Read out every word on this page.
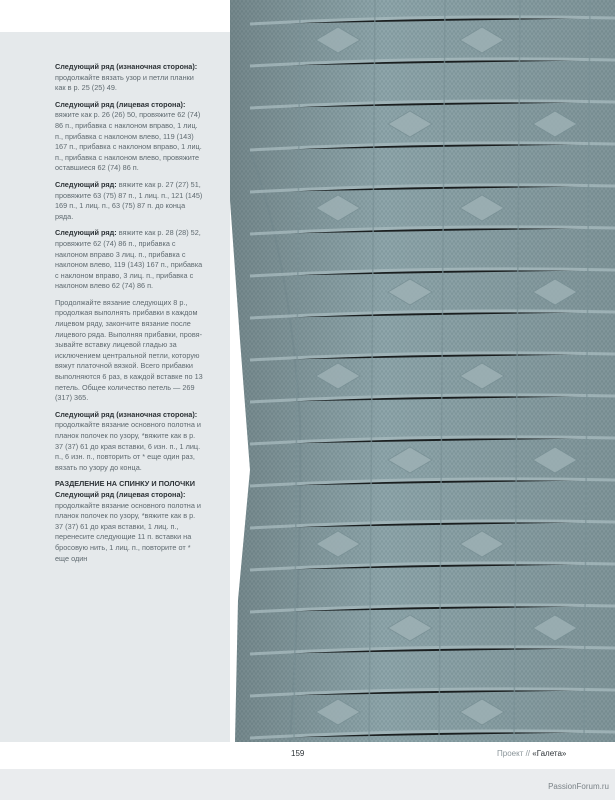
Следующий ряд (изнаночная сторона): продолжайте вязать узор и петли планки как в р. 25 (25) 49.

Следующий ряд (лицевая сторона): вяжите как р. 26 (26) 50, провяжите 62 (74) 86 п., прибавка с наклоном вправо, 1 лиц. п., прибавка с наклоном влево, 119 (143) 167 п., прибавка с наклоном вправо, 1 лиц. п., прибавка с наклоном влево, провяжите оставшиеся 62 (74) 86 п.

Следующий ряд: вяжите как р. 27 (27) 51, провяжите 63 (75) 87 п., 1 лиц. п., 121 (145) 169 п., 1 лиц. п., 63 (75) 87 п. до конца ряда.

Следующий ряд: вяжите как р. 28 (28) 52, провяжите 62 (74) 86 п., прибавка с наклоном вправо 3 лиц. п., прибавка с наклоном влево, 119 (143) 167 п., прибавка с наклоном вправо, 3 лиц. п., прибавка с наклоном влево 62 (74) 86 п.

Продолжайте вязание следующих 8 р., продолжая выполнять прибавки в каждом лицевом ряду, закончите вязание после лицевого ряда. Выполняя прибавки, провязывайте вставку лицевой гладью за исключением центральной петли, которую вяжут платочной вязкой. Всего прибавки выполняются 6 раз, в каждой вставке по 13 петель. Общее количество петель — 269 (317) 365.

Следующий ряд (изнаночная сторона): продолжайте вязание основного полотна и планок полочек по узору, *вяжите как в р. 37 (37) 61 до края вставки, 6 изн. п., 1 лиц. п., 6 изн. п., повторить от * еще один раз, вязать по узору до конца.

РАЗДЕЛЕНИЕ НА СПИНКУ И ПОЛОЧКИ

Следующий ряд (лицевая сторона): продолжайте вязание основного полотна и планок полочек по узору, *вяжите как в р. 37 (37) 61 до края вставки, 1 лиц. п., перенесите следующие 11 п. вставки на бросовую нить, 1 лиц. п., повторите от * еще один

159	Проект // «Галета»
PassionForum.ru
